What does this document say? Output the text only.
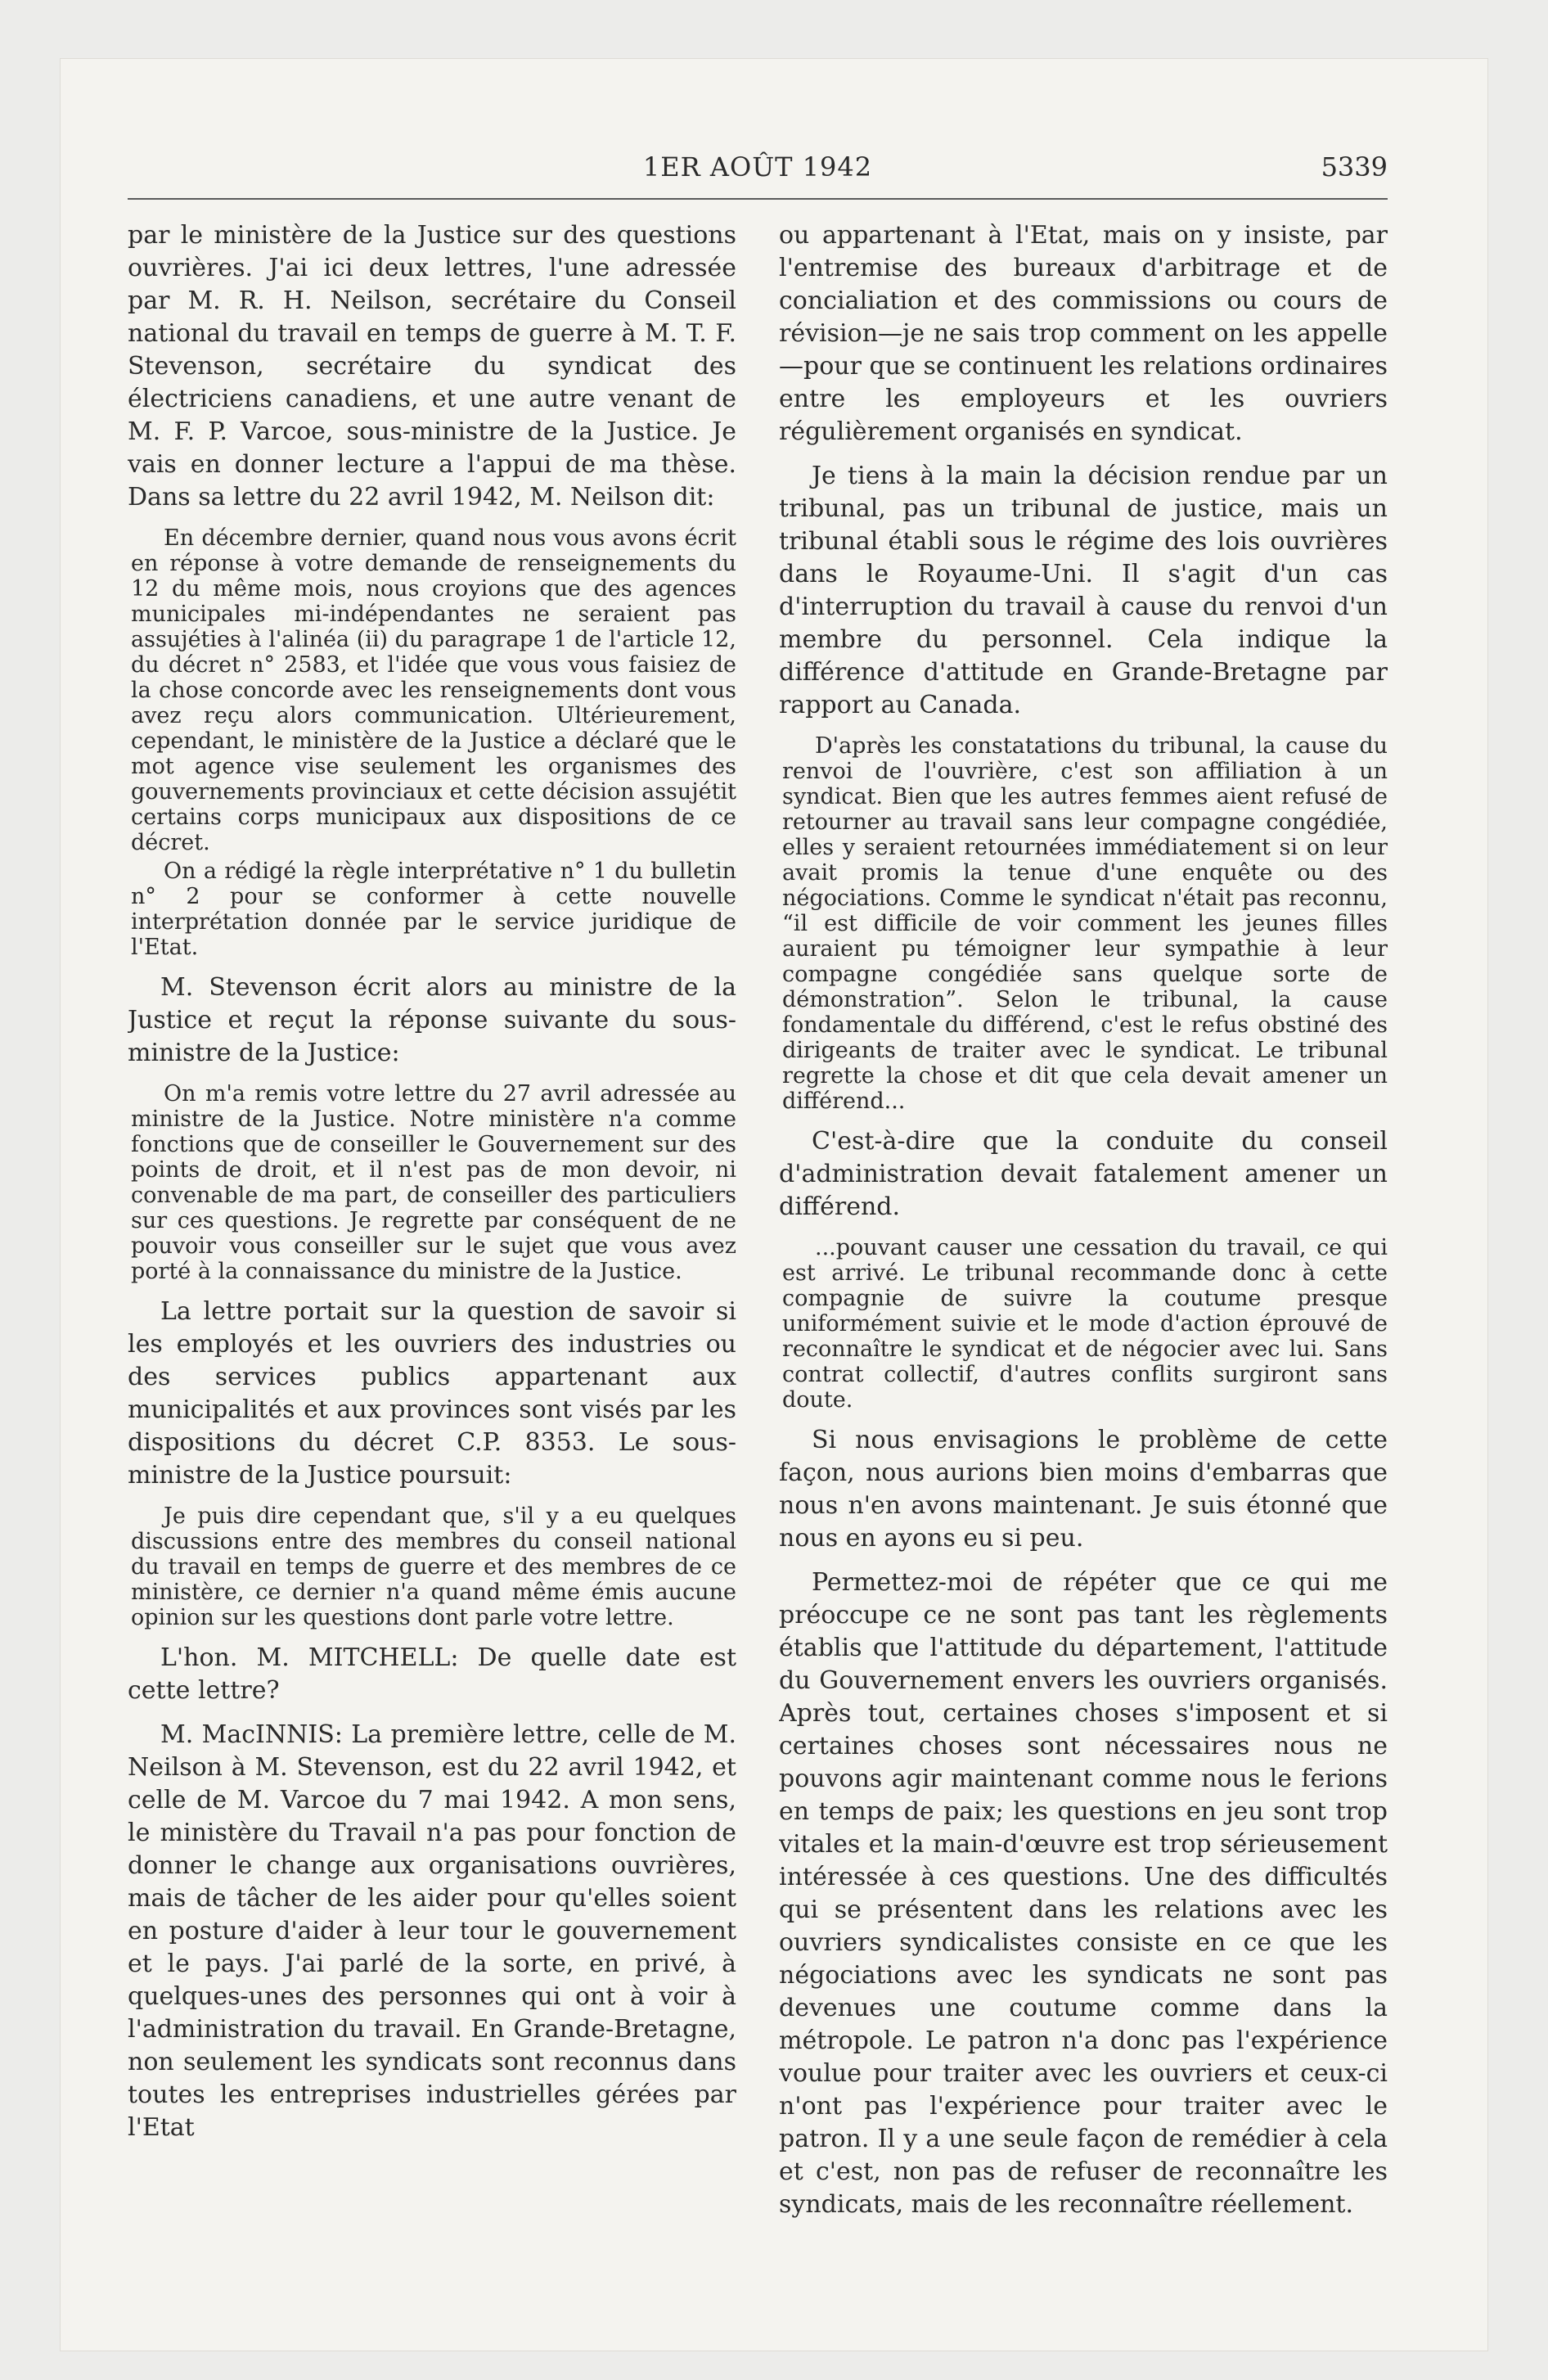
1ER AOÛT 1942	5339

par le ministère de la Justice sur des questions ouvrières. J'ai ici deux lettres, l'une adressée par M. R. H. Neilson, secrétaire du Conseil national du travail en temps de guerre à M. T. F. Stevenson, secrétaire du syndicat des électriciens canadiens, et une autre venant de M. F. P. Varcoe, sous-ministre de la Justice. Je vais en donner lecture a l'appui de ma thèse. Dans sa lettre du 22 avril 1942, M. Neilson dit:

En décembre dernier, quand nous vous avons écrit en réponse à votre demande de renseignements du 12 du même mois, nous croyions que des agences municipales mi-indépendantes ne seraient pas assujéties à l'alinéa (ii) du paragrape 1 de l'article 12, du décret n° 2583, et l'idée que vous vous faisiez de la chose concorde avec les renseignements dont vous avez reçu alors communication. Ultérieurement, cependant, le ministère de la Justice a déclaré que le mot agence vise seulement les organismes des gouvernements provinciaux et cette décision assujétit certains corps municipaux aux dispositions de ce décret.

On a rédigé la règle interprétative n° 1 du bulletin n° 2 pour se conformer à cette nouvelle interprétation donnée par le service juridique de l'Etat.

M. Stevenson écrit alors au ministre de la Justice et reçut la réponse suivante du sous-ministre de la Justice:

On m'a remis votre lettre du 27 avril adressée au ministre de la Justice. Notre ministère n'a comme fonctions que de conseiller le Gouvernement sur des points de droit, et il n'est pas de mon devoir, ni convenable de ma part, de conseiller des particuliers sur ces questions. Je regrette par conséquent de ne pouvoir vous conseiller sur le sujet que vous avez porté à la connaissance du ministre de la Justice.

La lettre portait sur la question de savoir si les employés et les ouvriers des industries ou des services publics appartenant aux municipalités et aux provinces sont visés par les dispositions du décret C.P. 8353. Le sous-ministre de la Justice poursuit:

Je puis dire cependant que, s'il y a eu quelques discussions entre des membres du conseil national du travail en temps de guerre et des membres de ce ministère, ce dernier n'a quand même émis aucune opinion sur les questions dont parle votre lettre.

L'hon. M. MITCHELL: De quelle date est cette lettre?

M. MacINNIS: La première lettre, celle de M. Neilson à M. Stevenson, est du 22 avril 1942, et celle de M. Varcoe du 7 mai 1942. A mon sens, le ministère du Travail n'a pas pour fonction de donner le change aux organisations ouvrières, mais de tâcher de les aider pour qu'elles soient en posture d'aider à leur tour le gouvernement et le pays. J'ai parlé de la sorte, en privé, à quelques-unes des personnes qui ont à voir à l'administration du travail. En Grande-Bretagne, non seulement les syndicats sont reconnus dans toutes les entreprises industrielles gérées par l'Etat

ou appartenant à l'Etat, mais on y insiste, par l'entremise des bureaux d'arbitrage et de concialiation et des commissions ou cours de révision—je ne sais trop comment on les appelle—pour que se continuent les relations ordinaires entre les employeurs et les ouvriers régulièrement organisés en syndicat.

Je tiens à la main la décision rendue par un tribunal, pas un tribunal de justice, mais un tribunal établi sous le régime des lois ouvrières dans le Royaume-Uni. Il s'agit d'un cas d'interruption du travail à cause du renvoi d'un membre du personnel. Cela indique la différence d'attitude en Grande-Bretagne par rapport au Canada.

D'après les constatations du tribunal, la cause du renvoi de l'ouvrière, c'est son affiliation à un syndicat. Bien que les autres femmes aient refusé de retourner au travail sans leur compagne congédiée, elles y seraient retournées immédiatement si on leur avait promis la tenue d'une enquête ou des négociations. Comme le syndicat n'était pas reconnu, “il est difficile de voir comment les jeunes filles auraient pu témoigner leur sympathie à leur compagne congédiée sans quelque sorte de démonstration”. Selon le tribunal, la cause fondamentale du différend, c'est le refus obstiné des dirigeants de traiter avec le syndicat. Le tribunal regrette la chose et dit que cela devait amener un différend...

C'est-à-dire que la conduite du conseil d'administration devait fatalement amener un différend.

...pouvant causer une cessation du travail, ce qui est arrivé. Le tribunal recommande donc à cette compagnie de suivre la coutume presque uniformément suivie et le mode d'action éprouvé de reconnaître le syndicat et de négocier avec lui. Sans contrat collectif, d'autres conflits surgiront sans doute.

Si nous envisagions le problème de cette façon, nous aurions bien moins d'embarras que nous n'en avons maintenant. Je suis étonné que nous en ayons eu si peu.

Permettez-moi de répéter que ce qui me préoccupe ce ne sont pas tant les règlements établis que l'attitude du département, l'attitude du Gouvernement envers les ouvriers organisés. Après tout, certaines choses s'imposent et si certaines choses sont nécessaires nous ne pouvons agir maintenant comme nous le ferions en temps de paix; les questions en jeu sont trop vitales et la main-d'œuvre est trop sérieusement intéressée à ces questions. Une des difficultés qui se présentent dans les relations avec les ouvriers syndicalistes consiste en ce que les négociations avec les syndicats ne sont pas devenues une coutume comme dans la métropole. Le patron n'a donc pas l'expérience voulue pour traiter avec les ouvriers et ceux-ci n'ont pas l'expérience pour traiter avec le patron. Il y a une seule façon de remédier à cela et c'est, non pas de refuser de reconnaître les syndicats, mais de les reconnaître réellement.
